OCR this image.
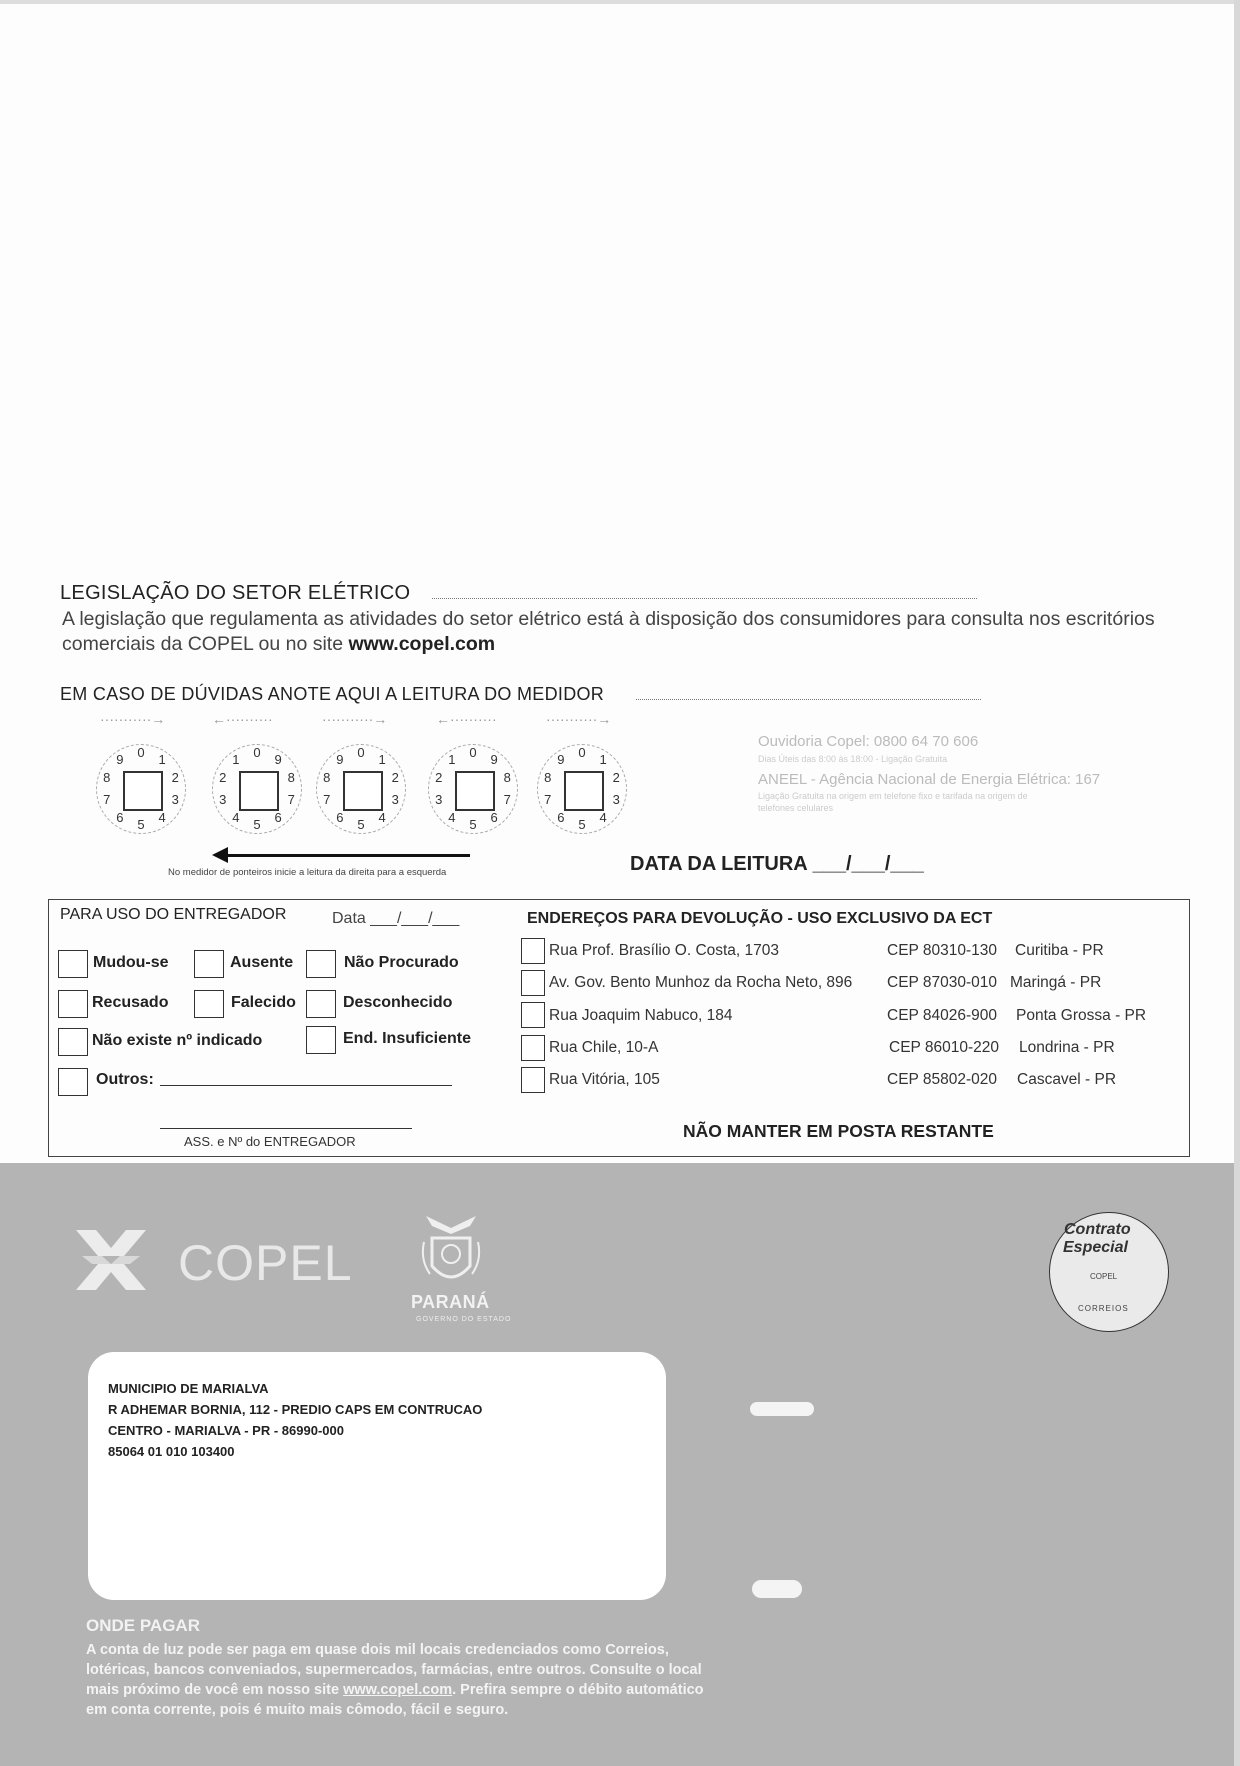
LEGISLAÇÃO DO SETOR ELÉTRICO
A legislação que regulamenta as atividades do setor elétrico está à disposição dos consumidores para consulta nos escritórios comerciais da COPEL ou no site www.copel.com
EM CASO DE DÚVIDAS ANOTE AQUI A LEITURA DO MEDIDOR
···········→	←··········	···········→	←··········	···········→
0 1
2
3
4
5
6
7
8
9	0 9
8
7
6
5
4
3
2
1	0 1
2
3
4
5
6
7
8
9	0 9
8
7
6
5
4
3
2
1	0 1
2
3
4
5
6
7
8
9
No medidor de ponteiros inicie a leitura da direita para a esquerda	DATA DA LEITURA ___/___/___
Ouvidoria Copel: 0800 64 70 606
Dias Úteis das 8:00 às 18:00 - Ligação Gratuita
ANEEL - Agência Nacional de Energia Elétrica: 167
Ligação Gratuita na origem em telefone fixo e tarifada na origem de
telefones celulares
PARA USO DO ENTREGADOR	Data ___/___/___
Mudou-se	Ausente	Não Procurado
Recusado	Falecido	Desconhecido
Não existe nº indicado	End. Insuficiente
Outros:
ASS. e Nº do ENTREGADOR
ENDEREÇOS PARA DEVOLUÇÃO - USO EXCLUSIVO DA ECT
Rua Prof. Brasílio O. Costa, 1703	CEP 80310-130 Curitiba - PR
Av. Gov. Bento Munhoz da Rocha Neto, 896 CEP 87030-010 Maringá - PR
Rua Joaquim Nabuco, 184	CEP 84026-900 Ponta Grossa - PR
Rua Chile, 10-A	CEP 86010-220 Londrina - PR
Rua Vitória, 105	CEP 85802-020 Cascavel - PR
NÃO MANTER EM POSTA RESTANTE
COPEL
PARANÁ
GOVERNO DO ESTADO
Contrato
Especial
COPEL
CORREIOS
MUNICIPIO DE MARIALVA
R ADHEMAR BORNIA, 112 - PREDIO CAPS EM CONTRUCAO
CENTRO - MARIALVA - PR - 86990-000
85064 01 010 103400
ONDE PAGAR
A conta de luz pode ser paga em quase dois mil locais credenciados como Correios, lotéricas, bancos conveniados, supermercados, farmácias, entre outros. Consulte o local mais próximo de você em nosso site www.copel.com. Prefira sempre o débito automático em conta corrente, pois é muito mais cômodo, fácil e seguro.
